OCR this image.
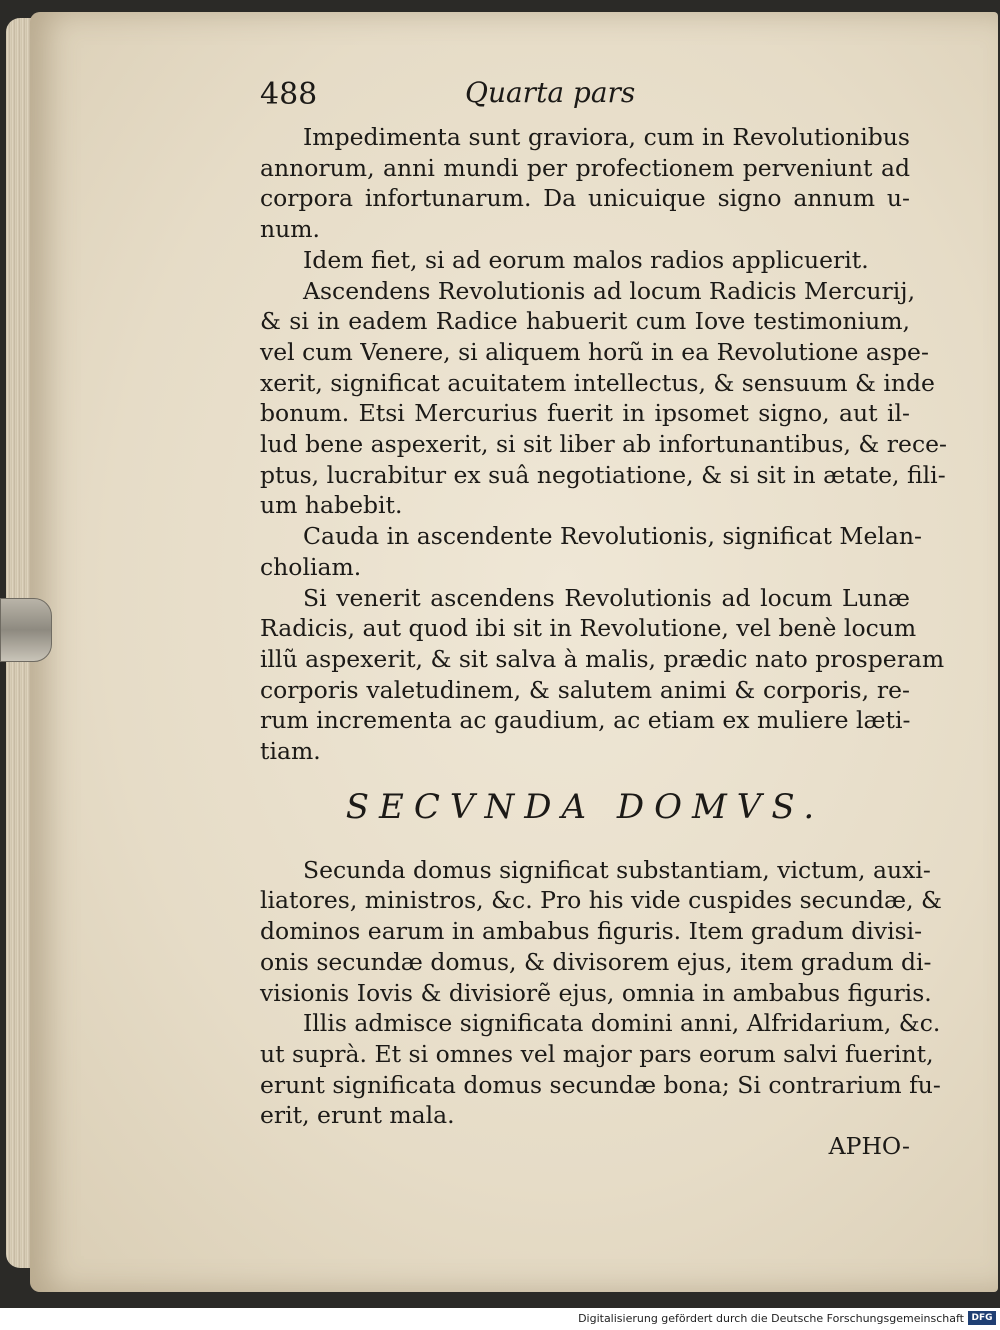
488	Quarta pars
Impedimenta sunt graviora, cum in Revolutionibus
annorum, anni mundi per profectionem perveniunt ad
corpora infortunarum. Da unicuique signo annum u-
num.
Idem fiet, si ad eorum malos radios applicuerit.
Ascendens Revolutionis ad locum Radicis Mercurij,
& si in eadem Radice habuerit cum Iove testimonium,
vel cum Venere, si aliquem horũ in ea Revolutione aspe-
xerit, significat acuitatem intellectus, & sensuum & inde
bonum. Etsi Mercurius fuerit in ipsomet signo, aut il-
lud bene aspexerit, si sit liber ab infortunantibus, & rece-
ptus, lucrabitur ex suâ negotiatione, & si sit in ætate, fili-
um habebit.
Cauda in ascendente Revolutionis, significat Melan-
choliam.
Si venerit ascendens Revolutionis ad locum Lunæ
Radicis, aut quod ibi sit in Revolutione, vel benè locum
illũ aspexerit, & sit salva à malis, prædic nato prosperam
corporis valetudinem, & salutem animi & corporis, re-
rum incrementa ac gaudium, ac etiam ex muliere læti-
tiam.
SECVNDA DOMVS.
Secunda domus significat substantiam, victum, auxi-
liatores, ministros, &c. Pro his vide cuspides secundæ, &
dominos earum in ambabus figuris. Item gradum divisi-
onis secundæ domus, & divisorem ejus, item gradum di-
visionis Iovis & divisiorẽ ejus, omnia in ambabus figuris.
Illis admisce significata domini anni, Alfridarium, &c.
ut suprà. Et si omnes vel major pars eorum salvi fuerint,
erunt significata domus secundæ bona; Si contrarium fu-
erit, erunt mala.
APHO-
Digitalisierung gefördert durch die Deutsche Forschungsgemeinschaft DFG
